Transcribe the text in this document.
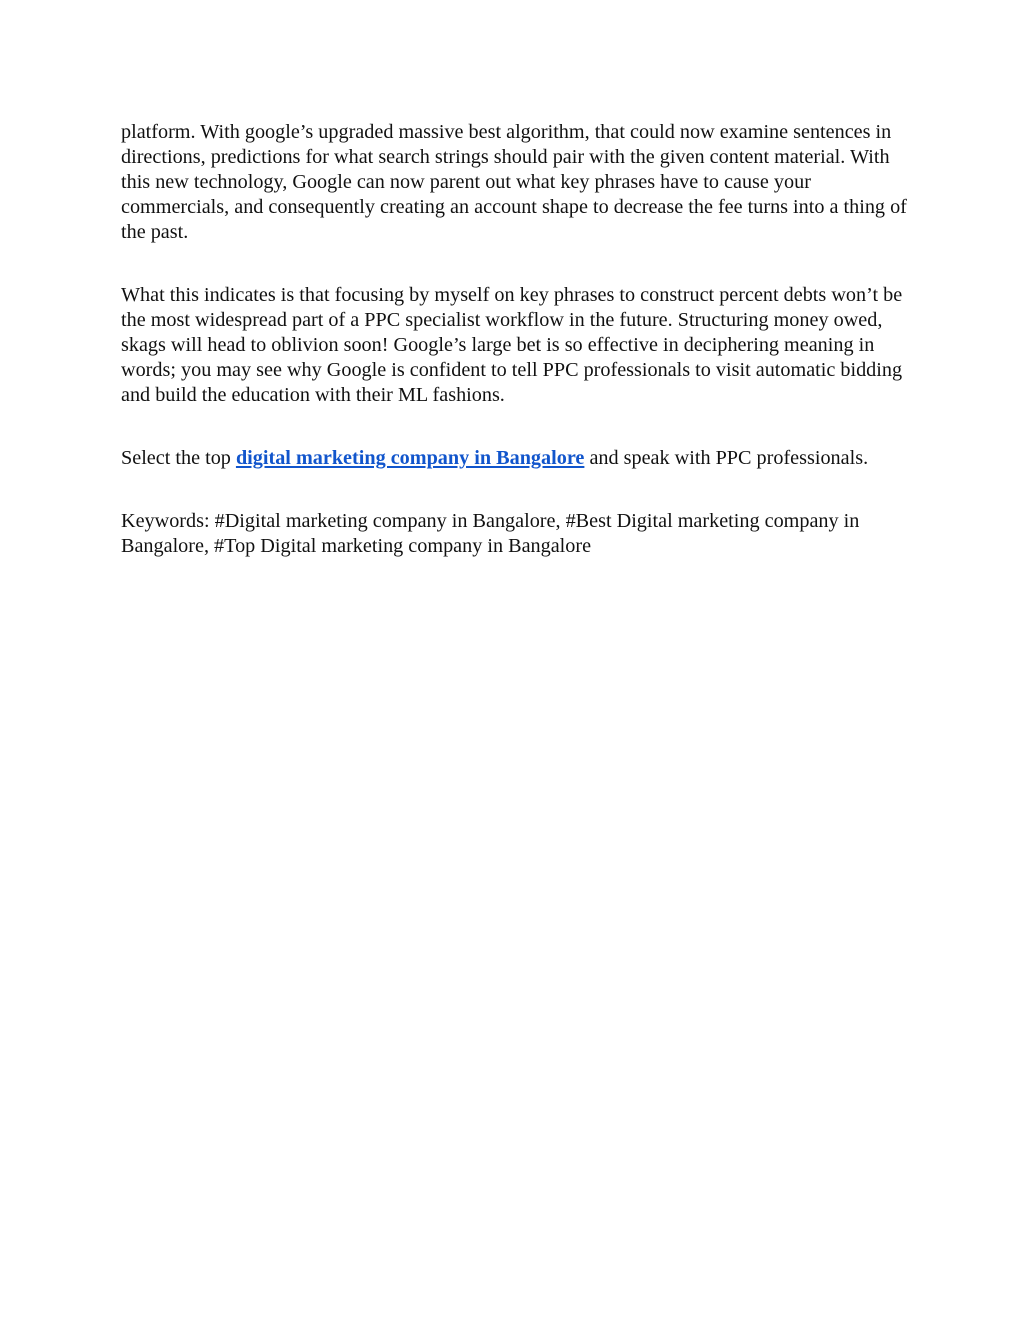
platform. With google’s upgraded massive best algorithm, that could now examine sentences in directions, predictions for what search strings should pair with the given content material. With this new technology, Google can now parent out what key phrases have to cause your commercials, and consequently creating an account shape to decrease the fee turns into a thing of the past.

What this indicates is that focusing by myself on key phrases to construct percent debts won’t be the most widespread part of a PPC specialist workflow in the future. Structuring money owed, skags will head to oblivion soon! Google’s large bet is so effective in deciphering meaning in words; you may see why Google is confident to tell PPC professionals to visit automatic bidding and build the education with their ML fashions.

Select the top digital marketing company in Bangalore and speak with PPC professionals.

Keywords: #Digital marketing company in Bangalore, #Best Digital marketing company in Bangalore, #Top Digital marketing company in Bangalore
